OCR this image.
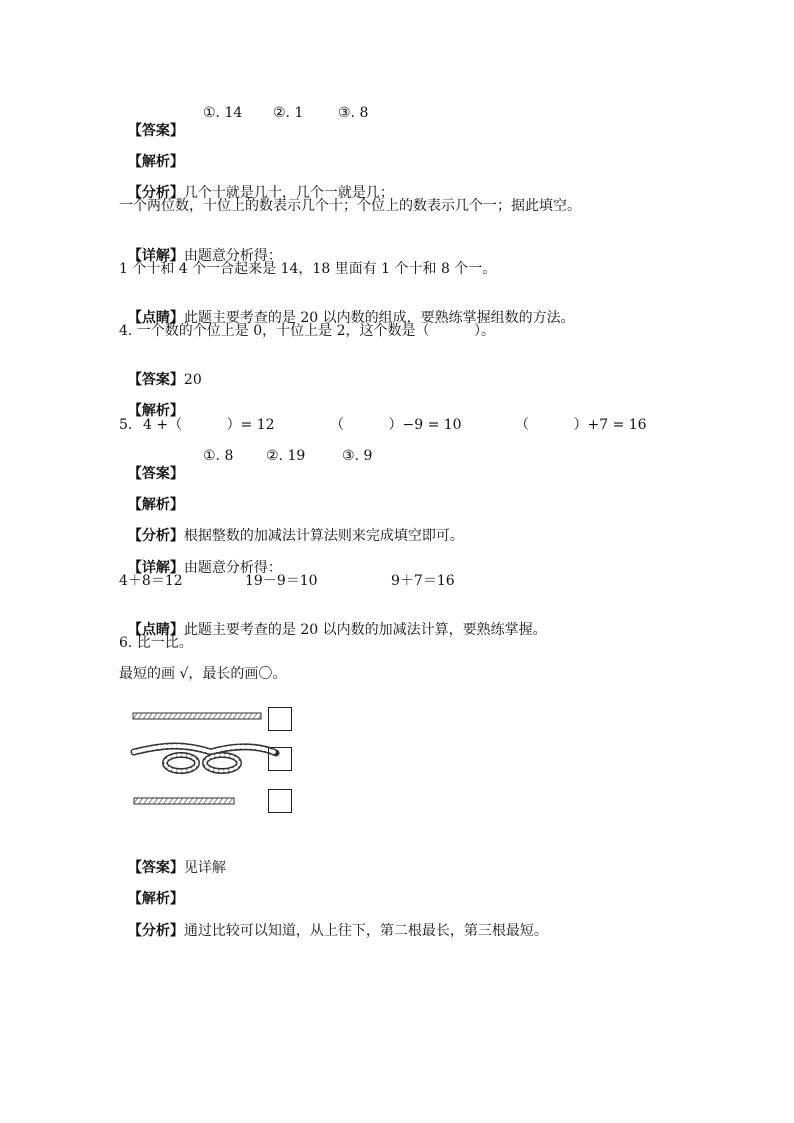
【答案】

①. 14 ②. 1 ③. 8

【解析】

【分析】几个十就是几十，几个一就是几；

一个两位数，十位上的数表示几个十；个位上的数表示几个一；据此填空。

【详解】由题意分析得：

1 个十和 4 个一合起来是 14，18 里面有 1 个十和 8 个一。

【点睛】此题主要考查的是 20 以内数的组成，要熟练掌握组数的方法。

4. 一个数的个位上是 0，十位上是 2，这个数是（          ）。

【答案】20

【解析】

5. 4 +（          ）= 12	（          ）−9 = 10	（          ）+7 = 16

【答案】

①. 8 ②. 19	③. 9

【解析】

【分析】根据整数的加减法计算法则来完成填空即可。

【详解】由题意分析得：

4＋8＝12	19－9＝10	9＋7＝16

【点睛】此题主要考查的是 20 以内数的加减法计算，要熟练掌握。

6. 比一比。
最短的画 √，最长的画〇。

【答案】见详解

【解析】

【分析】通过比较可以知道，从上往下，第二根最长，第三根最短。
